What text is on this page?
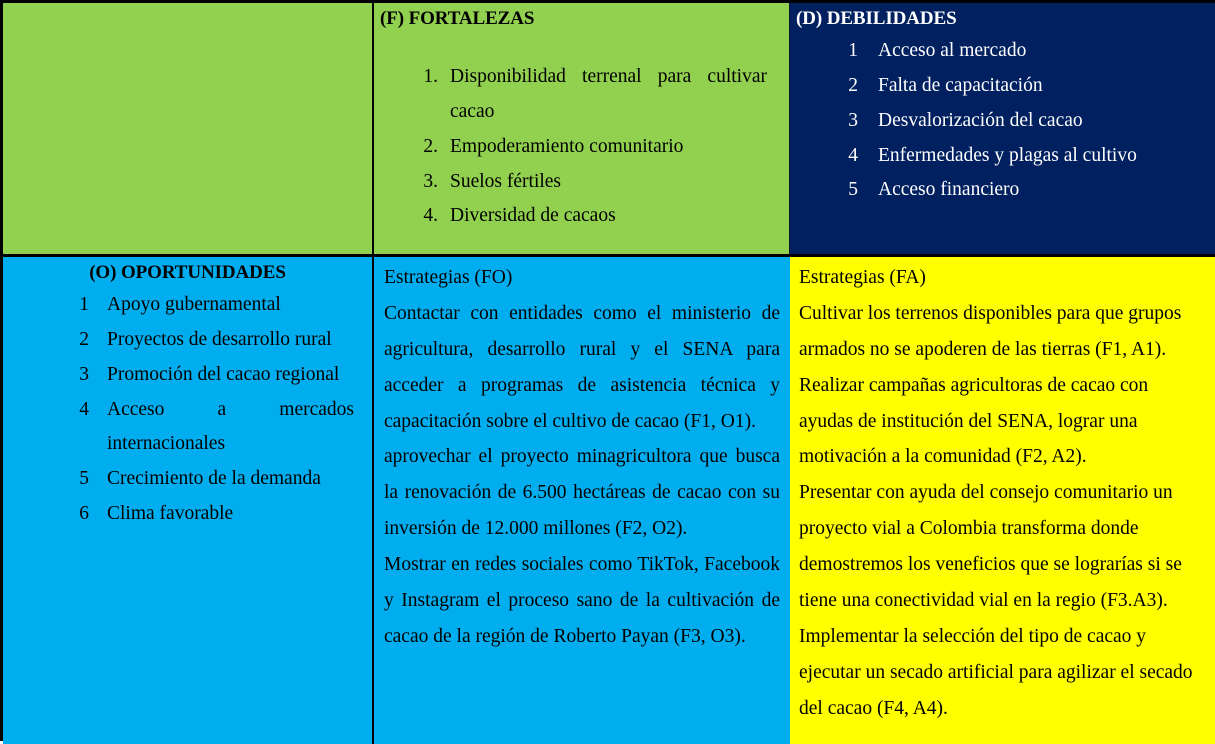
(F) FORTALEZAS
1. Disponibilidad terrenal para cultivar cacao
2. Empoderamiento comunitario
3. Suelos fértiles
4. Diversidad de cacaos
(D) DEBILIDADES
1 Acceso al mercado
2 Falta de capacitación
3 Desvalorización del cacao
4 Enfermedades y plagas al cultivo
5 Acceso financiero
(O) OPORTUNIDADES
1 Apoyo gubernamental
2 Proyectos de desarrollo rural
3 Promoción del cacao regional
4 Acceso a mercados internacionales
5 Crecimiento de la demanda
6 Clima favorable

Estrategias (FO)

Contactar con entidades como el ministerio de agricultura, desarrollo rural y el SENA para acceder a programas de asistencia técnica y capacitación sobre el cultivo de cacao (F1, O1).

aprovechar el proyecto minagricultora que busca la renovación de 6.500 hectáreas de cacao con su inversión de 12.000 millones (F2, O2).

Mostrar en redes sociales como TikTok, Facebook y Instagram el proceso sano de la cultivación de cacao de la región de Roberto Payan (F3, O3).

Estrategias (FA)

Cultivar los terrenos disponibles para que grupos armados no se apoderen de las tierras (F1, A1).

Realizar campañas agricultoras de cacao con ayudas de institución del SENA, lograr una motivación a la comunidad (F2, A2).

Presentar con ayuda del consejo comunitario un proyecto vial a Colombia transforma donde demostremos los veneficios que se lograrías si se tiene una conectividad vial en la regio (F3.A3).

Implementar la selección del tipo de cacao y ejecutar un secado artificial para agilizar el secado del cacao (F4, A4).
